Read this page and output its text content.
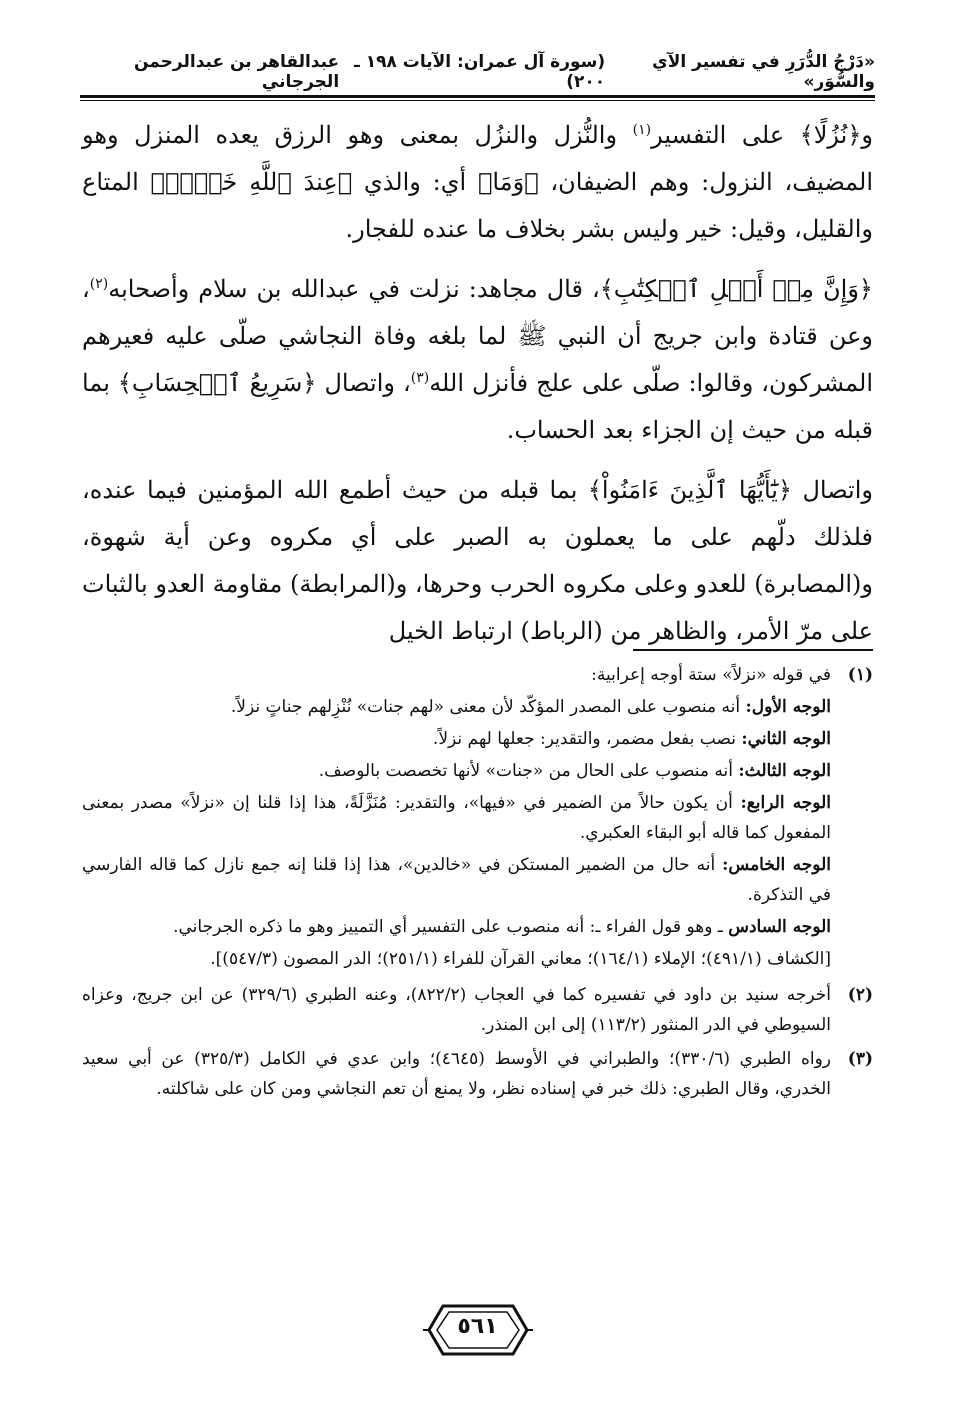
«دَرْجُ الدُّرَرِ في تفسير الآي والسُّوَر»
(سورة آل عمران: الآيات ١٩٨ ـ ٢٠٠)
عبدالقاهر بن عبدالرحمن الجرجاني

و﴿نُزُلًا﴾ على التفسير$^{(١)}$ والنُّزل والنزُل بمعنى وهو الرزق يعده المنزل وهو المضيف، النزول: وهم الضيفان، ﴿وَمَا﴾ أي: والذي ﴿عِندَ ٱللَّهِ خَيۡرٞ﴾ المتاع والقليل، وقيل: خير وليس بشر بخلاف ما عنده للفجار.

﴿وَإِنَّ مِنۡ أَهۡلِ ٱلۡكِتَٰبِ﴾، قال مجاهد: نزلت في عبدالله بن سلام وأصحابه$^{(٢)}$، وعن قتادة وابن جريج أن النبي ﷺ لما بلغه وفاة النجاشي صلّى عليه فعيرهم المشركون، وقالوا: صلّى على علج فأنزل الله$^{(٣)}$، واتصال ﴿سَرِيعُ ٱلۡحِسَابِ﴾ بما قبله من حيث إن الجزاء بعد الحساب.

واتصال ﴿يَٰٓأَيُّهَا ٱلَّذِينَ ءَامَنُواْ﴾ بما قبله من حيث أطمع الله المؤمنين فيما عنده، فلذلك دلّهم على ما يعملون به الصبر على أي مكروه وعن أية شهوة، و(المصابرة) للعدو وعلى مكروه الحرب وحرها، و(المرابطة) مقاومة العدو بالثبات على مرّ الأمر، والظاهر من (الرباط) ارتباط الخيل

(١)
في قوله «نزلاً» ستة أوجه إعرابية:
الوجه الأول: أنه منصوب على المصدر المؤكّد لأن معنى «لهم جنات» نُنْزِلهم جناتٍ نزلاً.
الوجه الثاني: نصب بفعل مضمر، والتقدير: جعلها لهم نزلاً.
الوجه الثالث: أنه منصوب على الحال من «جنات» لأنها تخصصت بالوصف.
الوجه الرابع: أن يكون حالاً من الضمير في «فيها»، والتقدير: مُنَزَّلَةً، هذا إذا قلنا إن «نزلاً» مصدر بمعنى المفعول كما قاله أبو البقاء العكبري.
الوجه الخامس: أنه حال من الضمير المستكن في «خالدين»، هذا إذا قلنا إنه جمع نازل كما قاله الفارسي في التذكرة.
الوجه السادس ـ وهو قول الفراء ـ: أنه منصوب على التفسير أي التمييز وهو ما ذكره الجرجاني.
[الكشاف (٤٩١/١)؛ الإملاء (١٦٤/١)؛ معاني القرآن للفراء (٢٥١/١)؛ الدر المصون (٥٤٧/٣)].
(٢)
أخرجه سنيد بن داود في تفسيره كما في العجاب (٨٢٢/٢)، وعنه الطبري (٣٢٩/٦) عن ابن جريج، وعزاه السيوطي في الدر المنثور (١١٣/٢) إلى ابن المنذر.
(٣)
رواه الطبري (٣٣٠/٦)؛ والطبراني في الأوسط (٤٦٤٥)؛ وابن عدي في الكامل (٣٢٥/٣) عن أبي سعيد الخدري، وقال الطبري: ذلك خبر في إسناده نظر، ولا يمنع أن تعم النجاشي ومن كان على شاكلته.
٥٦١
